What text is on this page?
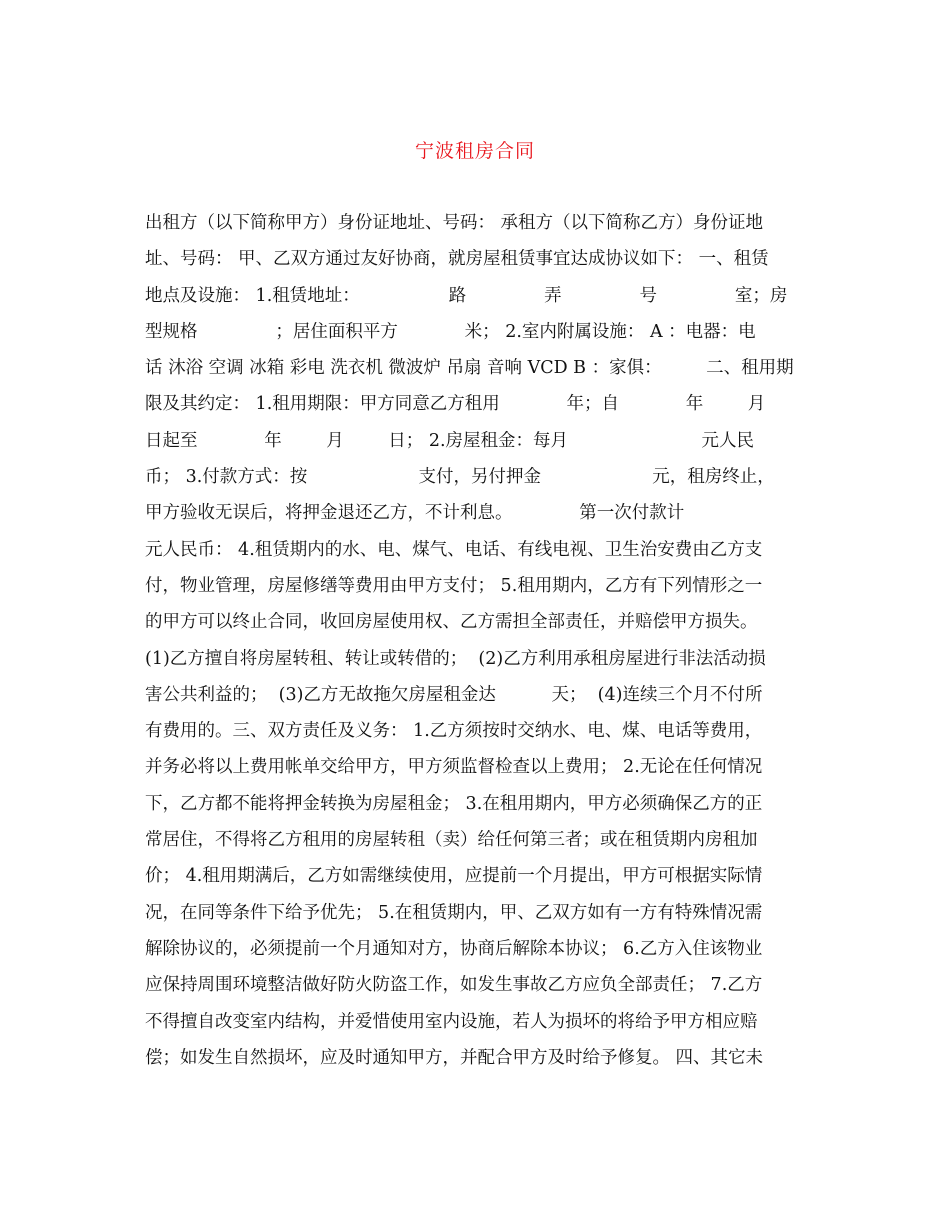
宁波租房合同
出租方（以下简称甲方）身份证地址、号码： 承租方（以下简称乙方）身份证地
址、号码： 甲、乙双方通过友好协商，就房屋租赁事宜达成协议如下： 一、租赁
地点及设施： 1.租赁地址：                路              弄              号              室；房
型规格              ；居住面积平方            米； 2.室内附属设施： A ：电器：电
话 沐浴 空调 冰箱 彩电 洗衣机 微波炉 吊扇 音响 VCD B ：家俱：        二、租用期
限及其约定： 1.租用期限：甲方同意乙方租用            年；自            年        月
日起至            年        月        日； 2.房屋租金：每月                        元人民
币； 3.付款方式：按                    支付，另付押金                    元，租房终止，
甲方验收无误后，将押金退还乙方，不计利息。            第一次付款计
元人民币： 4.租赁期内的水、电、煤气、电话、有线电视、卫生治安费由乙方支
付，物业管理，房屋修缮等费用由甲方支付； 5.租用期内，乙方有下列情形之一
的甲方可以终止合同，收回房屋使用权、乙方需担全部责任，并赔偿甲方损失。
(1)乙方擅自将房屋转租、转让或转借的；  (2)乙方利用承租房屋进行非法活动损
害公共利益的；  (3)乙方无故拖欠房屋租金达          天；  (4)连续三个月不付所
有费用的。三、双方责任及义务： 1.乙方须按时交纳水、电、煤、电话等费用，
并务必将以上费用帐单交给甲方，甲方须监督检查以上费用； 2.无论在任何情况
下，乙方都不能将押金转换为房屋租金； 3.在租用期内，甲方必须确保乙方的正
常居住，不得将乙方租用的房屋转租（卖）给任何第三者；或在租赁期内房租加
价； 4.租用期满后，乙方如需继续使用，应提前一个月提出，甲方可根据实际情
况，在同等条件下给予优先； 5.在租赁期内，甲、乙双方如有一方有特殊情况需
解除协议的，必须提前一个月通知对方，协商后解除本协议； 6.乙方入住该物业
应保持周围环境整洁做好防火防盗工作，如发生事故乙方应负全部责任； 7.乙方
不得擅自改变室内结构，并爱惜使用室内设施，若人为损坏的将给予甲方相应赔
偿；如发生自然损坏，应及时通知甲方，并配合甲方及时给予修复。 四、其它未
